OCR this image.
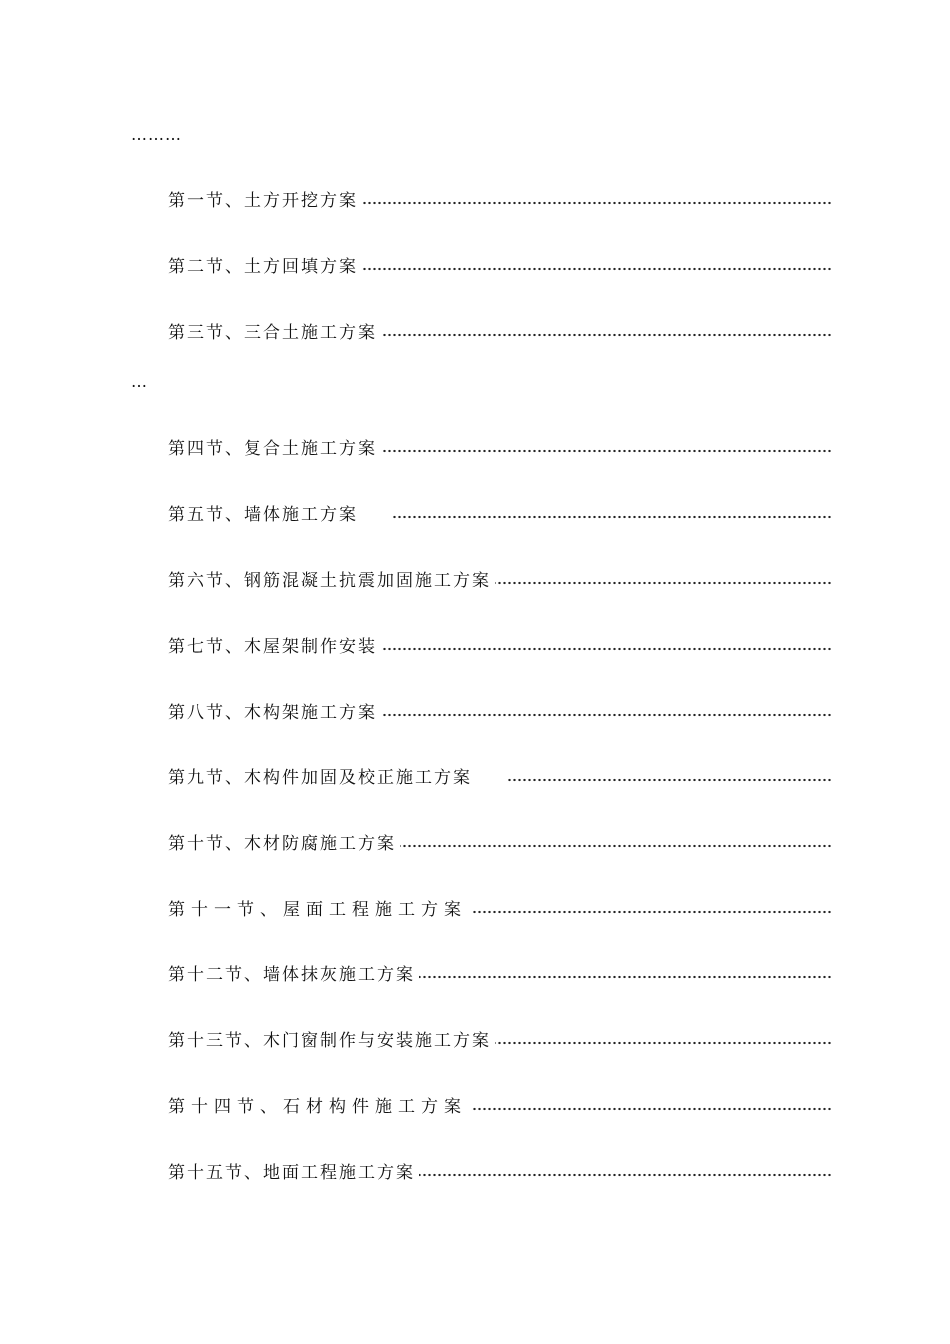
………
第一节、土方开挖方案
第二节、土方回填方案
第三节、三合土施工方案
…
第四节、复合土施工方案
第五节、墙体施工方案
第六节、钢筋混凝土抗震加固施工方案
第七节、木屋架制作安装
第八节、木构架施工方案
第九节、木构件加固及校正施工方案
第十节、木材防腐施工方案
第十一节、屋面工程施工方案
第十二节、墙体抹灰施工方案
第十三节、木门窗制作与安装施工方案
第十四节、石材构件施工方案
第十五节、地面工程施工方案
